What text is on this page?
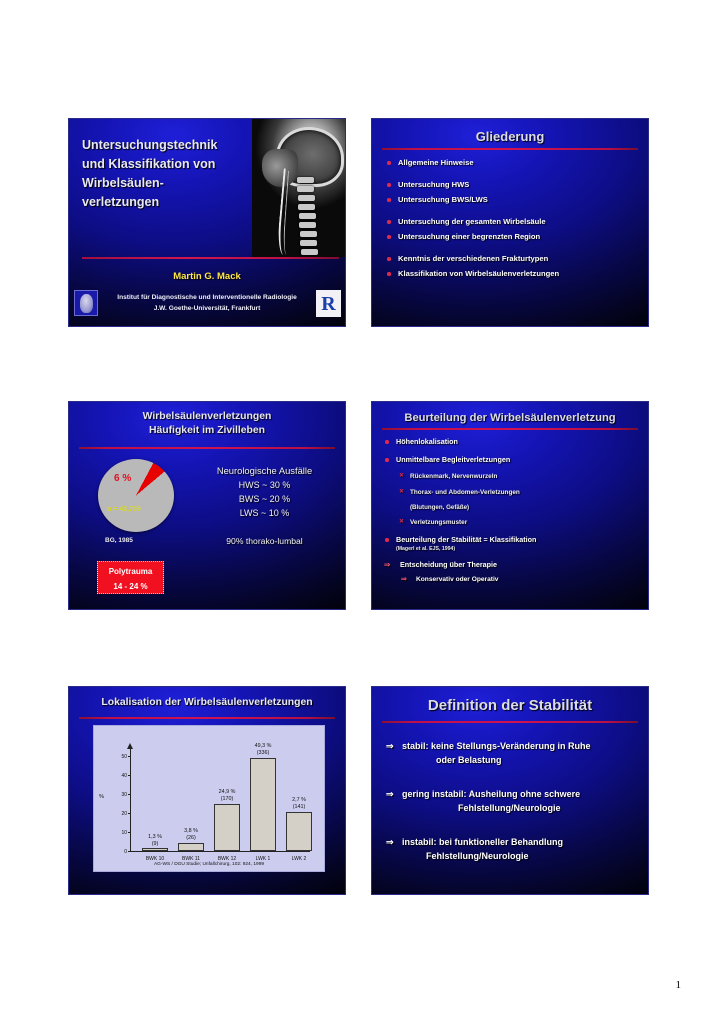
Untersuchungstechnik
und Klassifikation von
Wirbelsäulen-
verletzungen
Martin G. Mack
Institut für Diagnostische und Interventionelle Radiologie
J.W. Goethe-Universität, Frankfurt	R
Gliederung
Allgemeine Hinweise
Untersuchung HWS
Untersuchung BWS/LWS
Untersuchung der gesamten Wirbelsäule
Untersuchung einer begrenzten Region
Kenntnis der verschiedenen Frakturtypen
Klassifikation von Wirbelsäulenverletzungen
Wirbelsäulenverletzungen
Häufigkeit im Zivilleben
6 %
n = 43,799
BG, 1985
Polytrauma
14 - 24 %
Neurologische Ausfälle
HWS ~ 30 %
BWS ~ 20 %
LWS ~ 10 %
90% thorako-lumbal
Beurteilung der Wirbelsäulenverletzung
Höhenlokalisation
Unmittelbare Begleitverletzungen
✕ Rückenmark, Nervenwurzeln
✕ Thorax- und Abdomen-Verletzungen
(Blutungen, Gefäße)
✕ Verletzungsmuster
Beurteilung der Stabilität = Klassifikation
(Magerl et al. EJS, 1994)
⇒ Entscheidung über Therapie
⇒ Konservativ oder Operativ
Lokalisation der Wirbelsäulenverletzungen
%
0
10
20
30
40
50
1,3 %
(9)
3,8 %
(26)
24,9 %
(170)
49,3 %
(336)
2,7 %
(141)
BWK 10	BWK 11	BWK 12	LWK 1	LWK 2
AG-WS / DGU Studie; Unfallchirurg, 102: 924, 1999
Definition der Stabilität
⇒ stabil: keine Stellungs-Veränderung in Ruhe
oder Belastung
⇒ gering instabil: Ausheilung ohne schwere
Fehlstellung/Neurologie
⇒ instabil: bei funktioneller Behandlung
Fehlstellung/Neurologie
1
